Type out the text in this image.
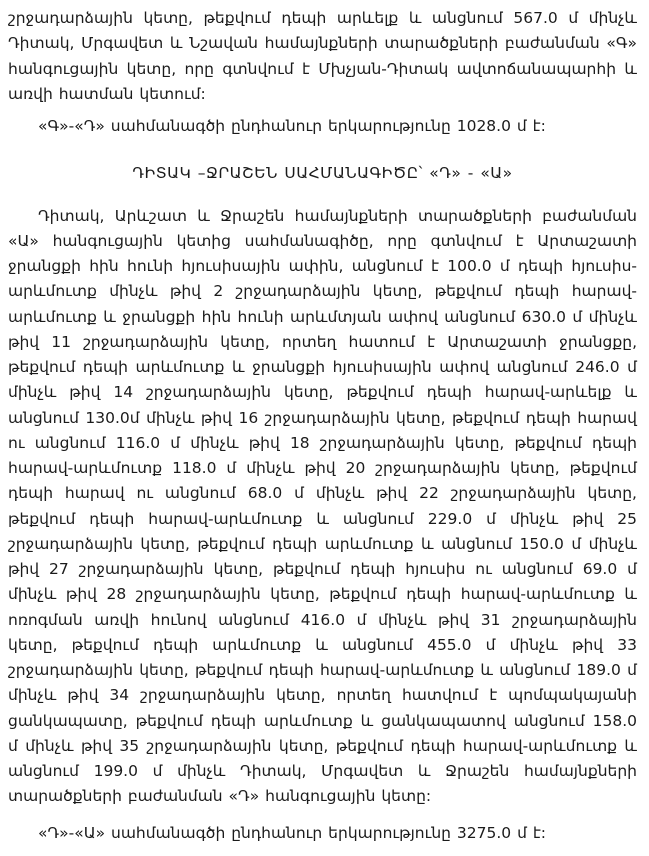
շրջադարձային կետը, թեքվում դեպի արևելք և անցնում 567.0 մ մինչև Դիտակ, Մրգավետ և Նշավան համայնքների տարածքների բաժանման «Գ» հանգուցային կետը, որը գտնվում է Մխչյան-Դիտակ ավտոճանապարհի և առվի հատման կետում:

«Գ»-«Դ» սահմանագծի ընդհանուր երկարությունը 1028.0 մ է:

ԴԻՏԱԿ –ՋՐԱՇԵՆ ՍԱՀՄԱՆԱԳԻԾԸ՝ «Դ» - «Ա»

Դիտակ, Արևշատ և Ջրաշեն համայնքների տարածքների բաժանման «Ա» հանգուցային կետից սահմանագիծը, որը գտնվում է Արտաշատի ջրանցքի հին հունի հյուսիսային ափին, անցնում է 100.0 մ դեպի հյուսիս-արևմուտք մինչև թիվ 2 շրջադարձային կետը, թեքվում դեպի հարավ-արևմուտք և ջրանցքի հին հունի արևմտյան ափով անցնում 630.0 մ մինչև թիվ 11 շրջադարձային կետը, որտեղ հատում է Արտաշատի ջրանցքը, թեքվում դեպի արևմուտք և ջրանցքի հյուսիսային ափով անցնում 246.0 մ մինչև թիվ 14 շրջադարձային կետը, թեքվում դեպի հարավ-արևելք և անցնում 130.0մ մինչև թիվ 16 շրջադարձային կետը, թեքվում դեպի հարավ ու անցնում 116.0 մ մինչև թիվ 18 շրջադարձային կետը, թեքվում դեպի հարավ-արևմուտք 118.0 մ մինչև թիվ 20 շրջադարձային կետը, թեքվում դեպի հարավ ու անցնում 68.0 մ մինչև թիվ 22 շրջադարձային կետը, թեքվում դեպի հարավ-արևմուտք և անցնում 229.0 մ մինչև թիվ 25 շրջադարձային կետը, թեքվում դեպի արևմուտք և անցնում 150.0 մ մինչև թիվ 27 շրջադարձային կետը, թեքվում դեպի հյուսիս ու անցնում 69.0 մ մինչև թիվ 28 շրջադարձային կետը, թեքվում դեպի հարավ-արևմուտք և ոռոգման առվի հունով անցնում 416.0 մ մինչև թիվ 31 շրջադարձային կետը, թեքվում դեպի արևմուտք և անցնում 455.0 մ մինչև թիվ 33 շրջադարձային կետը, թեքվում դեպի հարավ-արևմուտք և անցնում 189.0 մ մինչև թիվ 34 շրջադարձային կետը, որտեղ հատվում է պոմպակայանի ցանկապատը, թեքվում դեպի արևմուտք և ցանկապատով անցնում 158.0 մ մինչև թիվ 35 շրջադարձային կետը, թեքվում դեպի հարավ-արևմուտք և անցնում 199.0 մ մինչև Դիտակ, Մրգավետ և Ջրաշեն համայնքների տարածքների բաժանման «Դ» հանգուցային կետը:

«Դ»-«Ա» սահմանագծի ընդհանուր երկարությունը 3275.0 մ է:
